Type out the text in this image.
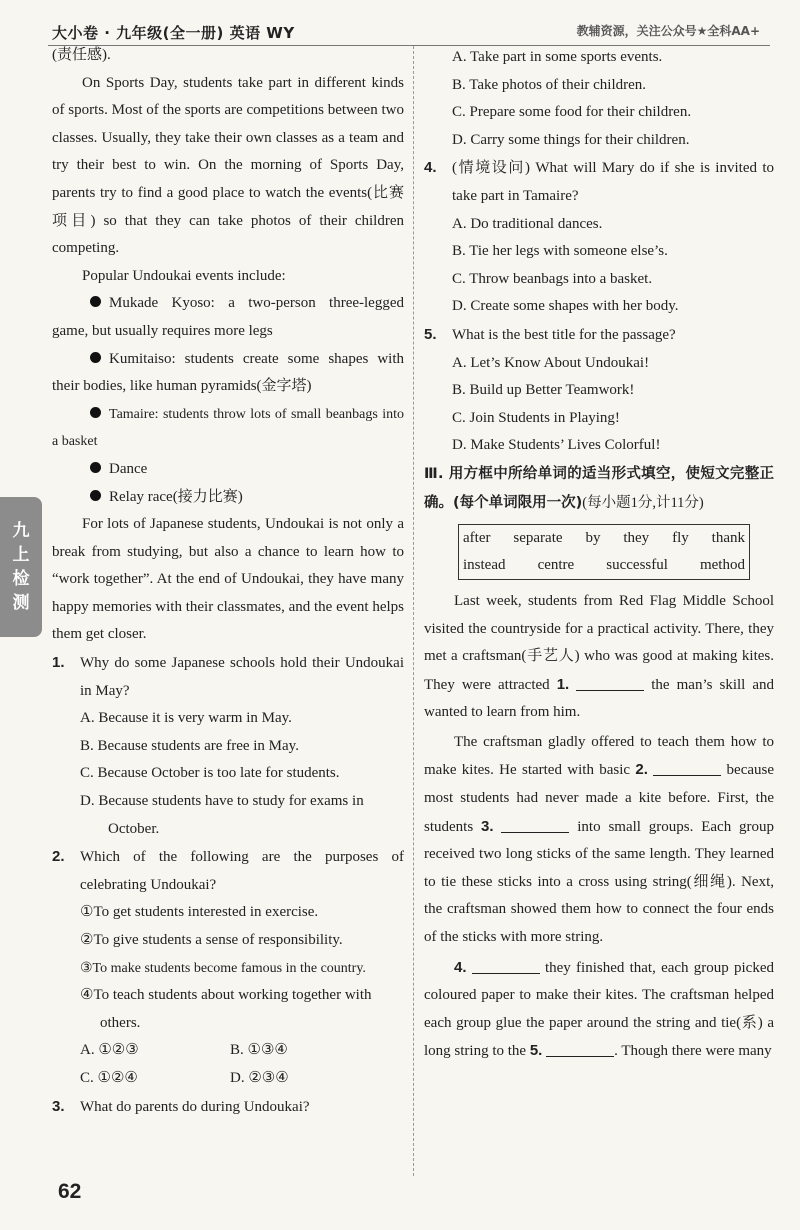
大小卷 · 九年级(全一册) 英语 WY	教辅资源，关注公众号★全科AA+
九
上
检
测

(责任感).

On Sports Day, students take part in different kinds of sports. Most of the sports are competitions between two classes. Usually, they take their own classes as a team and try their best to win. On the morning of Sports Day, parents try to find a good place to watch the events(比赛项目) so that they can take photos of their children competing.

Popular Undoukai events include:

Mukade Kyoso: a two-person three-legged game, but usually requires more legs

Kumitaiso: students create some shapes with their bodies, like human pyramids(金字塔)

Tamaire: students throw lots of small beanbags into a basket

Dance

Relay race(接力比赛)

For lots of Japanese students, Undoukai is not only a break from studying, but also a chance to learn how to “work together”. At the end of Undoukai, they have many happy memories with their classmates, and the event helps them get closer.

1. Why do some Japanese schools hold their Undoukai in May?

A. Because it is very warm in May.

B. Because students are free in May.

C. Because October is too late for students.

D. Because students have to study for exams in October.

2. Which of the following are the purposes of celebrating Undoukai?

①To get students interested in exercise.

②To give students a sense of responsibility.

③To make students become famous in the country.

④To teach students about working together with others.

A. ①②③	B. ①③④
C. ①②④	D. ②③④

3. What do parents do during Undoukai?

A. Take part in some sports events.

B. Take photos of their children.

C. Prepare some food for their children.

D. Carry some things for their children.

4. (情境设问) What will Mary do if she is invited to take part in Tamaire?

A. Do traditional dances.

B. Tie her legs with someone else’s.

C. Throw beanbags into a basket.

D. Create some shapes with her body.

5. What is the best title for the passage?

A. Let’s Know About Undoukai!

B. Build up Better Teamwork!

C. Join Students in Playing!

D. Make Students’ Lives Colorful!

Ⅲ. 用方框中所给单词的适当形式填空，使短文完整正确。(每个单词限用一次)(每小题1分,计11分)

after separate by they fly thank
instead centre successful method

Last week, students from Red Flag Middle School visited the countryside for a practical activity. There, they met a craftsman(手艺人) who was good at making kites. They were attracted 1.	the man’s skill and wanted to learn from him.

The craftsman gladly offered to teach them how to make kites. He started with basic 2.	because most students had never made a kite before. First, the students 3.	into small groups. Each group received two long sticks of the same length. They learned to tie these sticks into a cross using string(细绳). Next, the craftsman showed them how to connect the four ends of the sticks with more string.

4.	they finished that, each group picked coloured paper to make their kites. The craftsman helped each group glue the paper around the string and tie(系) a long string to the 5.	. Though there were many

62
